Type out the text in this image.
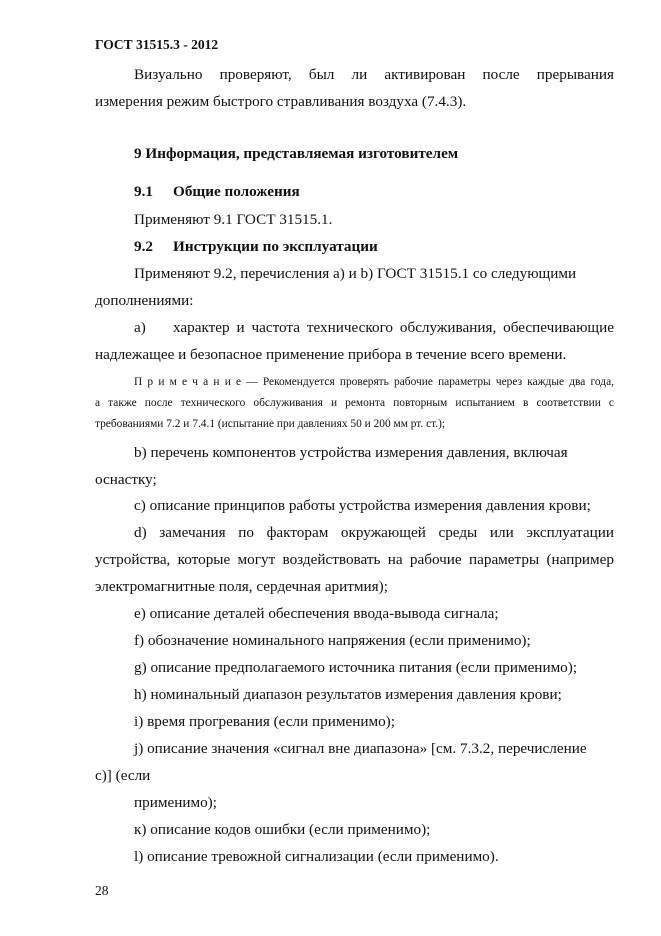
ГОСТ 31515.3 - 2012
Визуально проверяют, был ли активирован после прерывания
измерения режим быстрого стравливания воздуха (7.4.3).
9 Информация, представляемая изготовителем
9.1 Общие положения
Применяют 9.1 ГОСТ 31515.1.
9.2 Инструкции по эксплуатации
Применяют 9.2, перечисления a) и b) ГОСТ 31515.1 со следующими
дополнениями:
a) характер и частота технического обслуживания, обеспечивающие
надлежащее и безопасное применение прибора в течение всего времени.
П р и м е ч а н и е — Рекомендуется проверять рабочие параметры через каждые два года,
а также после технического обслуживания и ремонта повторным испытанием в соответствии с
требованиями 7.2 и 7.4.1 (испытание при давлениях 50 и 200 мм рт. ст.);
b) перечень компонентов устройства измерения давления, включая
оснастку;
c) описание принципов работы устройства измерения давления крови;
d) замечания по факторам окружающей среды или эксплуатации
устройства, которые могут воздействовать на рабочие параметры (например
электромагнитные поля, сердечная аритмия);
e) описание деталей обеспечения ввода-вывода сигнала;
f) обозначение номинального напряжения (если применимо);
g) описание предполагаемого источника питания (если применимо);
h) номинальный диапазон результатов измерения давления крови;
i) время прогревания (если применимо);
j) описание значения «сигнал вне диапазона» [см. 7.3.2, перечисление
c)] (если
применимо);
к) описание кодов ошибки (если применимо);
l) описание тревожной сигнализации (если применимо).
28
